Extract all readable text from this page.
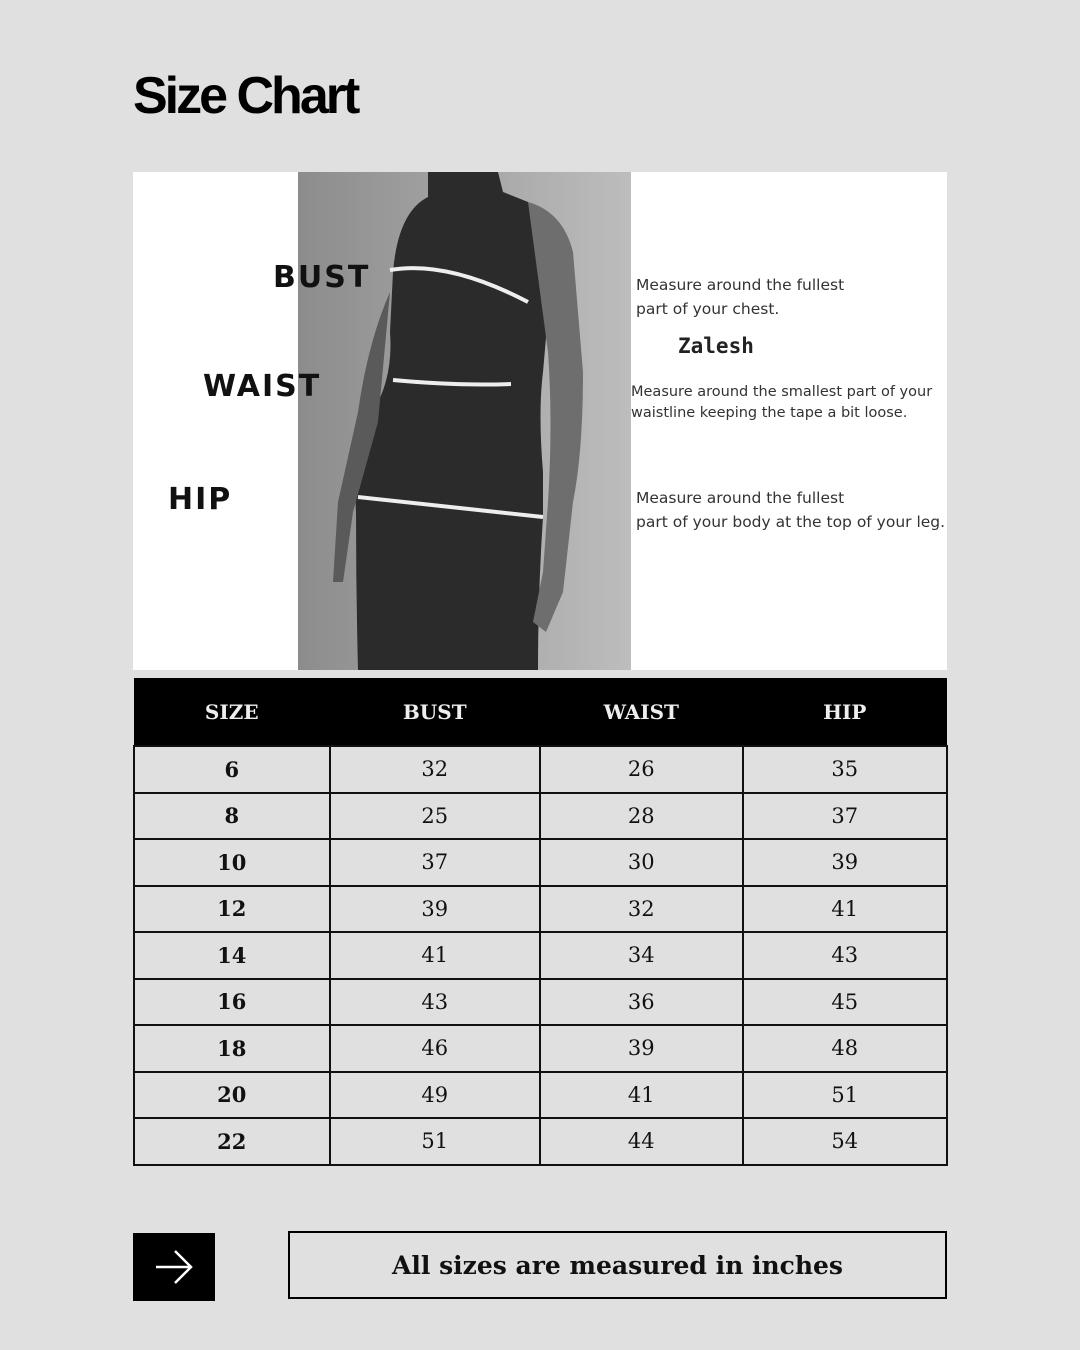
Size Chart
BUST
WAIST
HIP
Measure around the fullest
part of your chest.
Zalesh
Measure around the smallest part of your
waistline keeping the tape a bit loose.
Measure around the fullest
part of your body at the top of your leg.
SIZE	BUST	WAIST	HIP
6	32	26	35
8	25	28	37
10	37	30	39
12	39	32	41
14	41	34	43
16	43	36	45
18	46	39	48
20	49	41	51
22	51	44	54
All sizes are measured in inches
